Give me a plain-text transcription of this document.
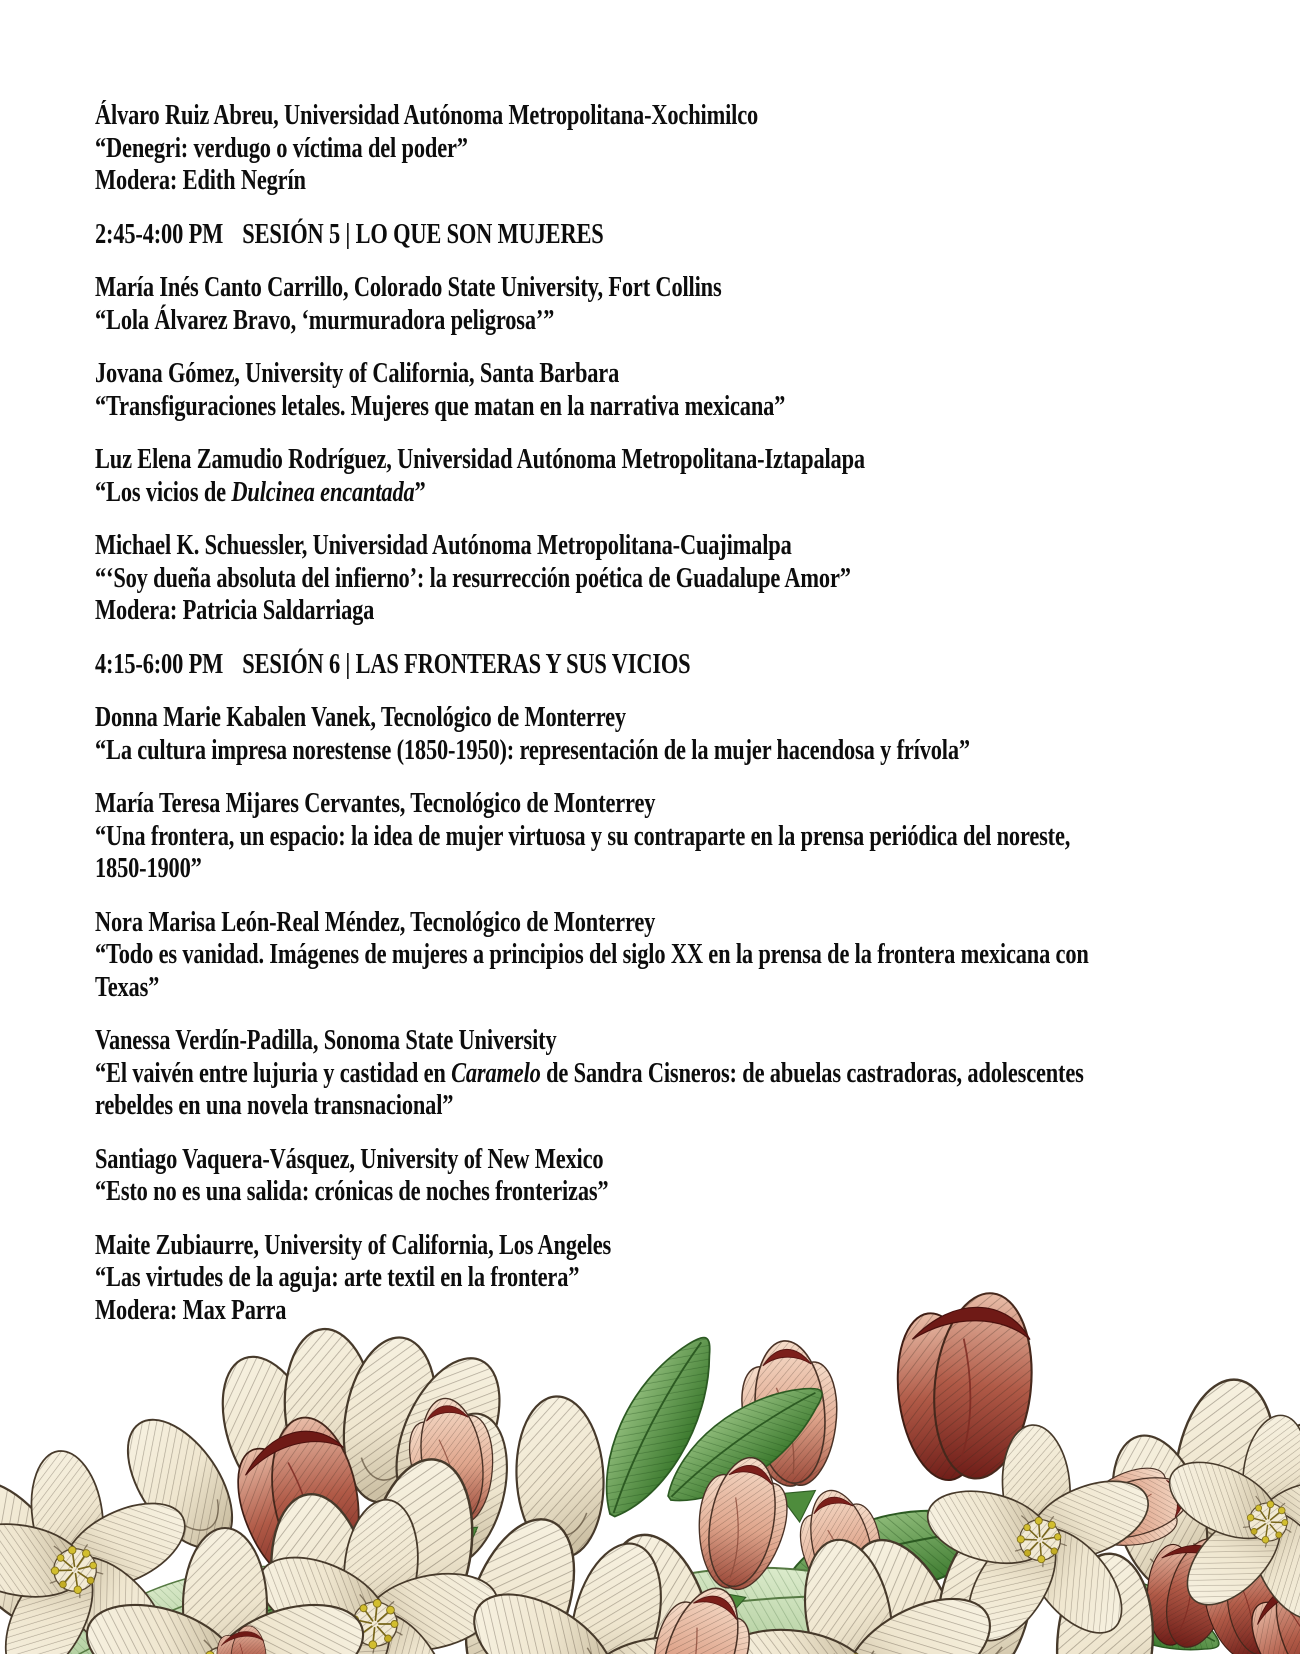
Álvaro Ruiz Abreu, Universidad Autónoma Metropolitana-Xochimilco
“Denegri: verdugo o víctima del poder”
Modera: Edith Negrín
2:45-4:00 PM SESIÓN 5 | LO QUE SON MUJERES
María Inés Canto Carrillo, Colorado State University, Fort Collins
“Lola Álvarez Bravo, ‘murmuradora peligrosa’”
Jovana Gómez, University of California, Santa Barbara
“Transfiguraciones letales. Mujeres que matan en la narrativa mexicana”
Luz Elena Zamudio Rodríguez, Universidad Autónoma Metropolitana-Iztapalapa
“Los vicios de Dulcinea encantada”
Michael K. Schuessler, Universidad Autónoma Metropolitana-Cuajimalpa
“‘Soy dueña absoluta del infierno’: la resurrección poética de Guadalupe Amor”
Modera: Patricia Saldarriaga
4:15-6:00 PM SESIÓN 6 | LAS FRONTERAS Y SUS VICIOS
Donna Marie Kabalen Vanek, Tecnológico de Monterrey
“La cultura impresa norestense (1850-1950): representación de la mujer hacendosa y frívola”
María Teresa Mijares Cervantes, Tecnológico de Monterrey
“Una frontera, un espacio: la idea de mujer virtuosa y su contraparte en la prensa periódica del noreste,
1850-1900”
Nora Marisa León-Real Méndez, Tecnológico de Monterrey
“Todo es vanidad. Imágenes de mujeres a principios del siglo XX en la prensa de la frontera mexicana con
Texas”
Vanessa Verdín-Padilla, Sonoma State University
“El vaivén entre lujuria y castidad en Caramelo de Sandra Cisneros: de abuelas castradoras, adolescentes
rebeldes en una novela transnacional”
Santiago Vaquera-Vásquez, University of New Mexico
“Esto no es una salida: crónicas de noches fronterizas”
Maite Zubiaurre, University of California, Los Angeles
“Las virtudes de la aguja: arte textil en la frontera”
Modera: Max Parra
